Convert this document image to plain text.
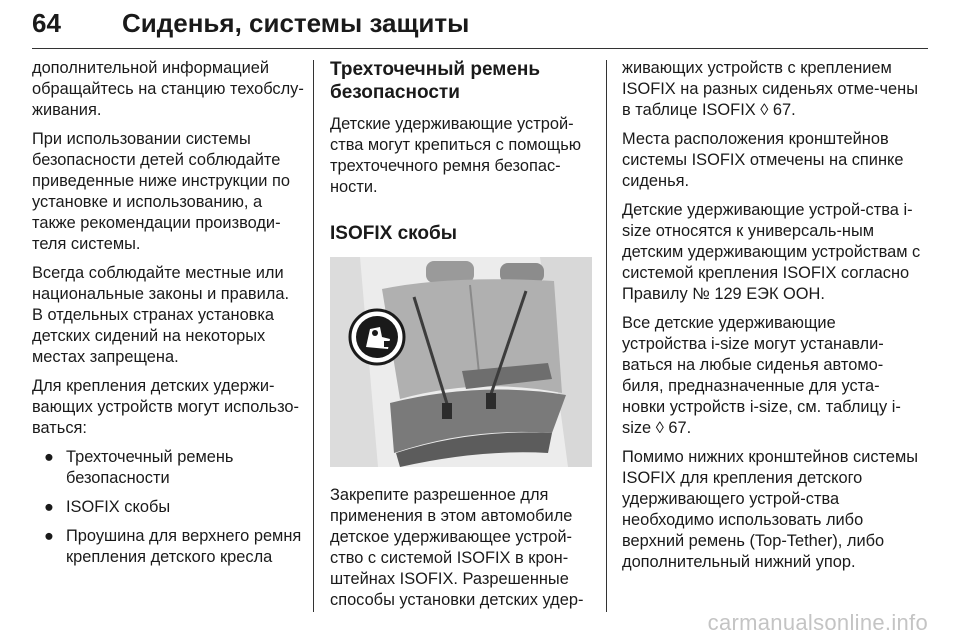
64 Сиденья, системы защиты

дополнительной информацией обращайтесь на станцию техобслу-живания.

При использовании системы безопасности детей соблюдайте приведенные ниже инструкции по установке и использованию, а также рекомендации производи-теля системы.

Всегда соблюдайте местные или национальные законы и правила. В отдельных странах установка детских сидений на некоторых местах запрещена.

Для крепления детских удержи-вающих устройств могут использо-ваться:

● Трехточечный ремень безопасности
● ISOFIX скобы
● Проушина для верхнего ремня крепления детского кресла
Трехточечный ремень безопасности

Детские удерживающие устрой-ства могут крепиться с помощью трехточечного ремня безопас-ности.

ISOFIX скобы

Закрепите разрешенное для применения в этом автомобиле детское удерживающее устрой-ство с системой ISOFIX в крон-штейнах ISOFIX. Разрешенные способы установки детских удер-

живающих устройств с креплением ISOFIX на разных сиденьях отме-чены в таблице ISOFIX ◊ 67.

Места расположения кронштейнов системы ISOFIX отмечены на спинке сиденья.

Детские удерживающие устрой-ства i-size относятся к универсаль-ным детским удерживающим устройствам с системой крепления ISOFIX согласно Правилу № 129 ЕЭК ООН.

Все детские удерживающие устройства i-size могут устанавли-ваться на любые сиденья автомо-биля, предназначенные для уста-новки устройств i-size, см. таблицу i-size ◊ 67.

Помимо нижних кронштейнов системы ISOFIX для крепления детского удерживающего устрой-ства необходимо использовать либо верхний ремень (Top-Tether), либо дополнительный нижний упор.

carmanualsonline.info
